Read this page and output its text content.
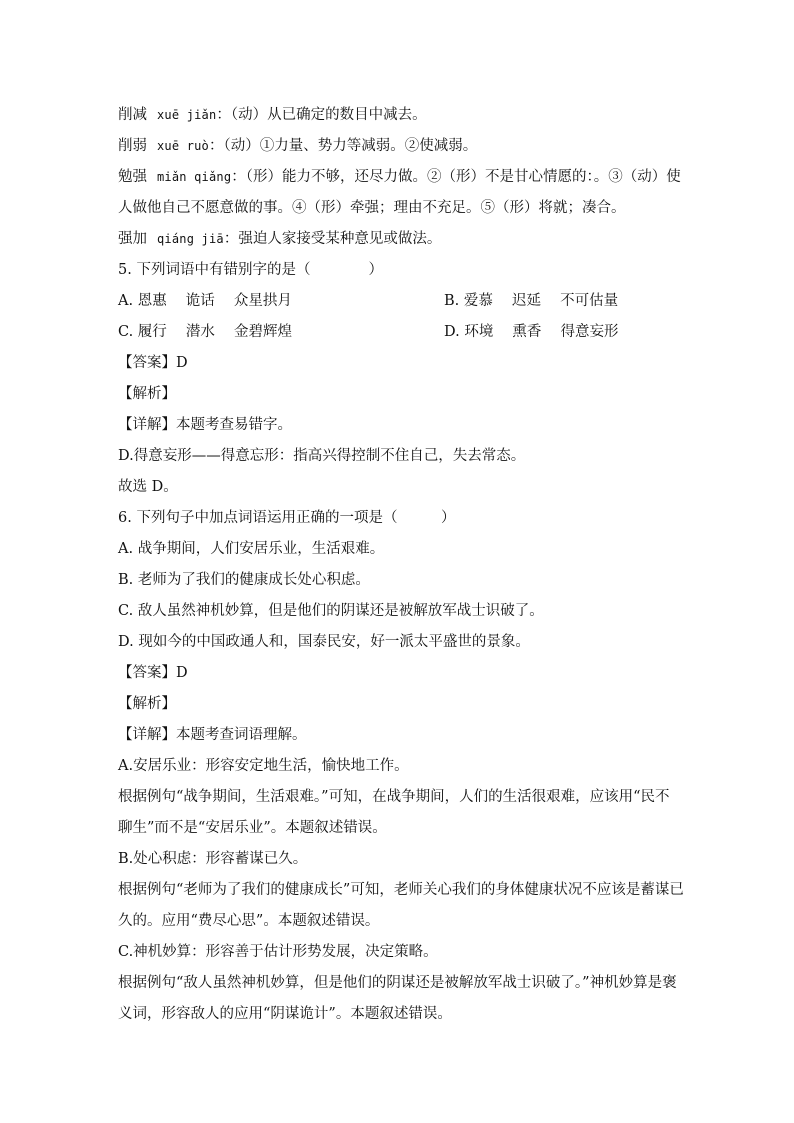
削减 xuē jiǎn：（动）从已确定的数目中减去。
削弱 xuē ruò：（动）①力量、势力等减弱。②使减弱。
勉强 miǎn qiǎng：（形）能力不够，还尽力做。②（形）不是甘心情愿的：。③（动）使
人做他自己不愿意做的事。④（形）牵强；理由不充足。⑤（形）将就；凑合。
强加 qiáng jiā：强迫人家接受某种意见或做法。
5. 下列词语中有错别字的是（　　　　）
A. 恩惠　 诡话　 众星拱月	B. 爱慕　 迟延　 不可估量
C. 履行　 潜水　 金碧辉煌	D. 环境　 熏香　 得意妄形
【答案】D
【解析】
【详解】本题考查易错字。
D.得意妄形——得意忘形：指高兴得控制不住自己，失去常态。
故选 D。
6. 下列句子中加点词语运用正确的一项是（　　　）
A. 战争期间，人们安居乐业，生活艰难。
B. 老师为了我们的健康成长处心积虑。
C. 敌人虽然神机妙算，但是他们的阴谋还是被解放军战士识破了。
D. 现如今的中国政通人和，国泰民安，好一派太平盛世的景象。
【答案】D
【解析】
【详解】本题考查词语理解。
A.安居乐业：形容安定地生活，愉快地工作。
根据例句“战争期间，生活艰难。”可知，在战争期间，人们的生活很艰难，应该用“民不
聊生”而不是“安居乐业”。本题叙述错误。
B.处心积虑：形容蓄谋已久。
根据例句“老师为了我们的健康成长”可知，老师关心我们的身体健康状况不应该是蓄谋已
久的。应用“费尽心思”。本题叙述错误。
C.神机妙算：形容善于估计形势发展，决定策略。
根据例句“敌人虽然神机妙算，但是他们的阴谋还是被解放军战士识破了。”神机妙算是褒
义词，形容敌人的应用“阴谋诡计”。本题叙述错误。
